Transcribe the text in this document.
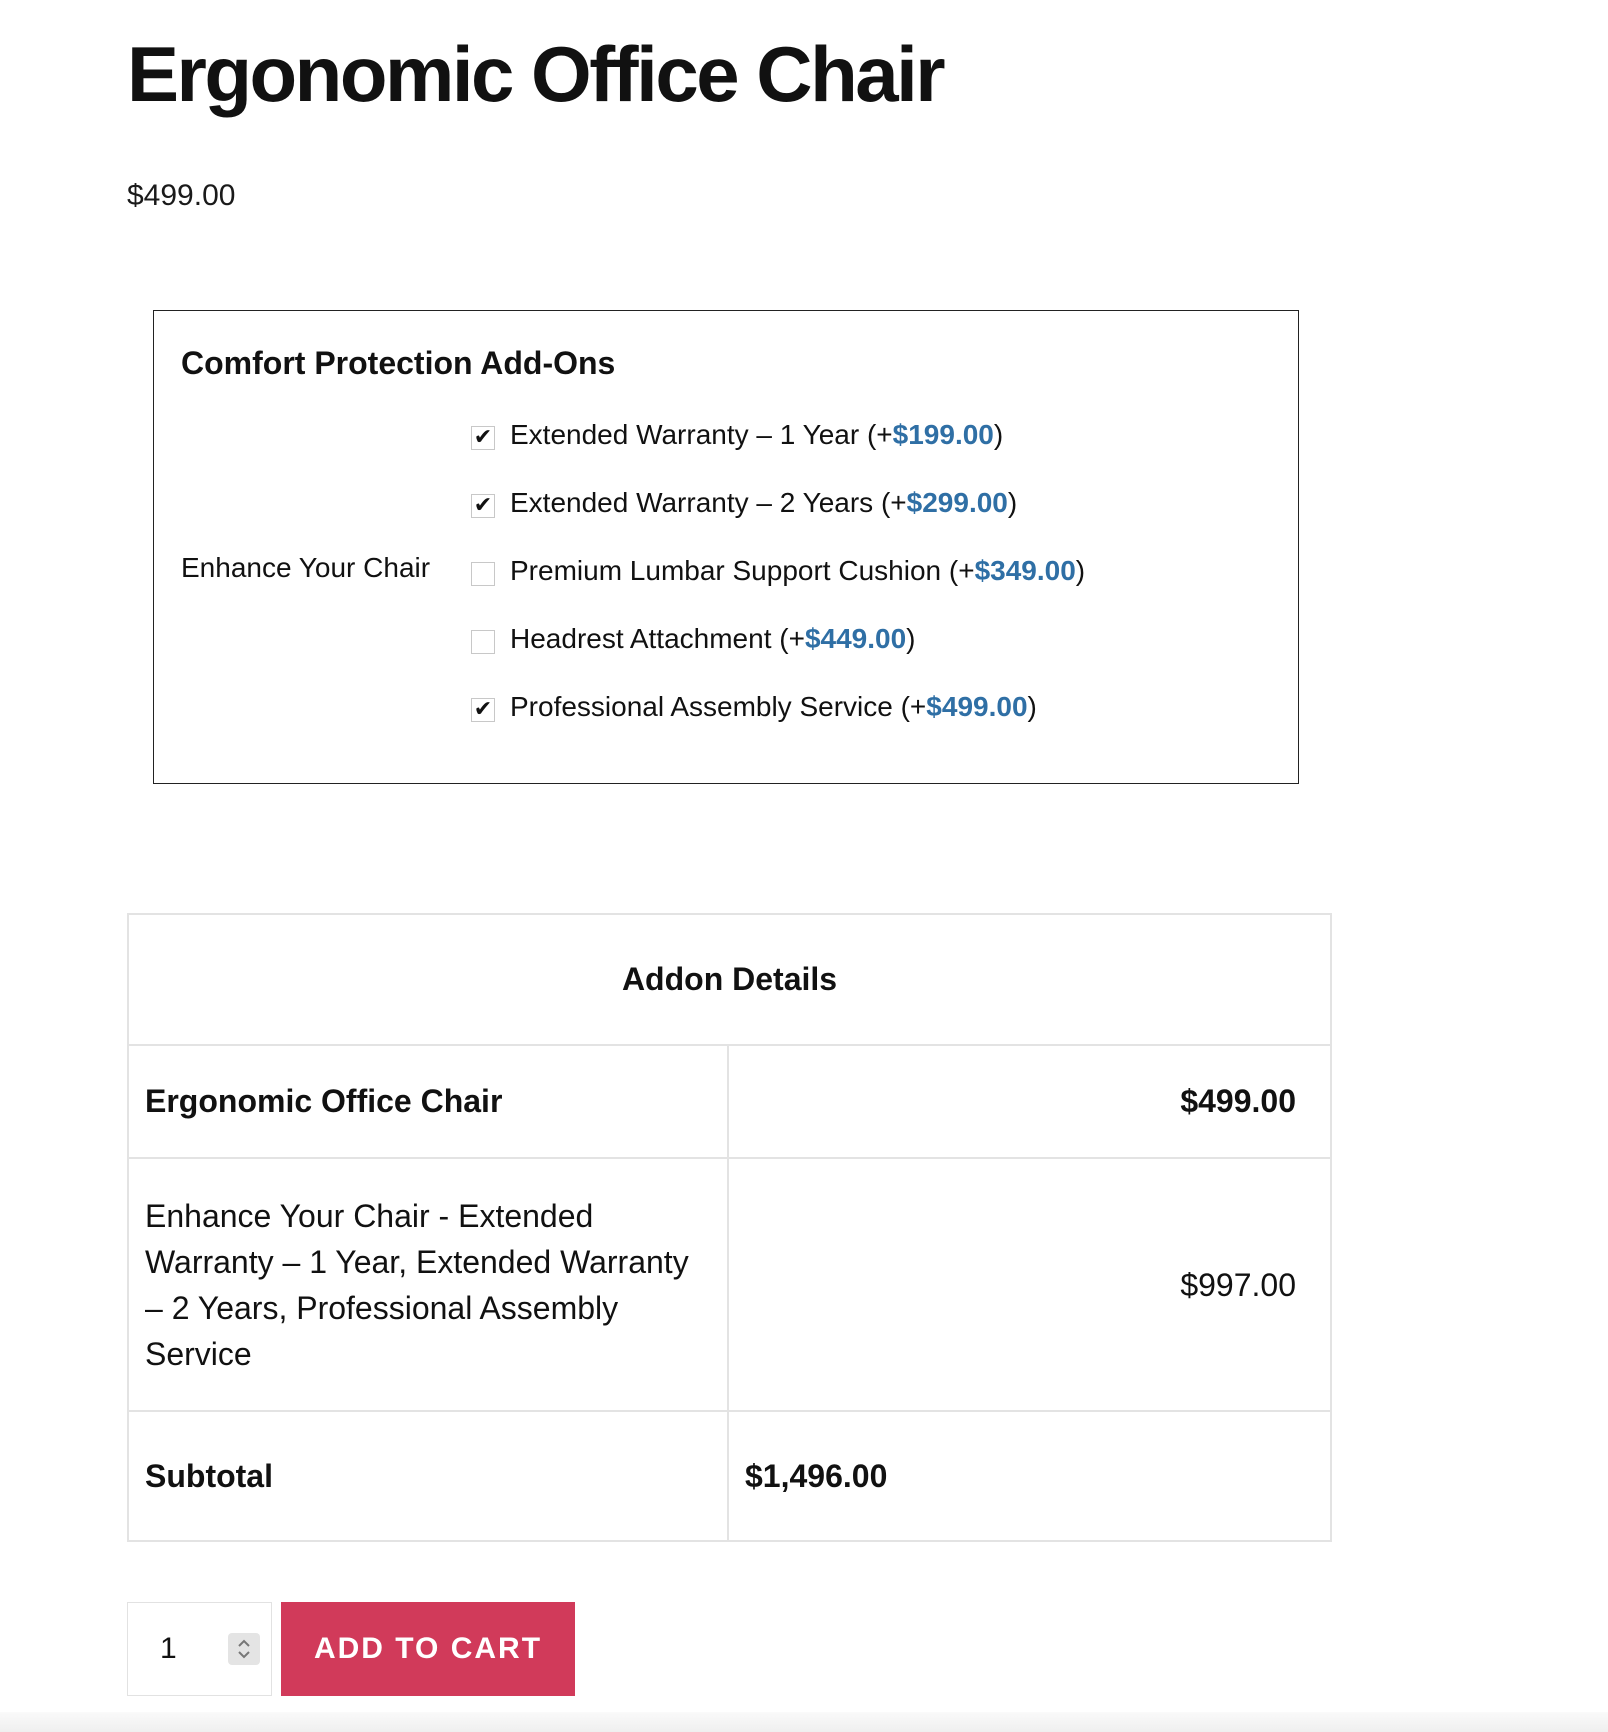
Ergonomic Office Chair
$499.00
Comfort Protection Add-Ons
Enhance Your Chair
✔ Extended Warranty – 1 Year (+ $199.00 )
✔ Extended Warranty – 2 Years (+ $299.00 )
Premium Lumbar Support Cushion (+ $349.00 )
Headrest Attachment (+ $449.00 )
✔ Professional Assembly Service (+ $499.00 )
Addon Details	
Ergonomic Office Chair	$499.00
Enhance Your Chair - Extended Warranty – 1 Year, Extended Warranty – 2 Years, Professional Assembly Service	$997.00
Subtotal	$1,496.00
1	ADD TO CART
